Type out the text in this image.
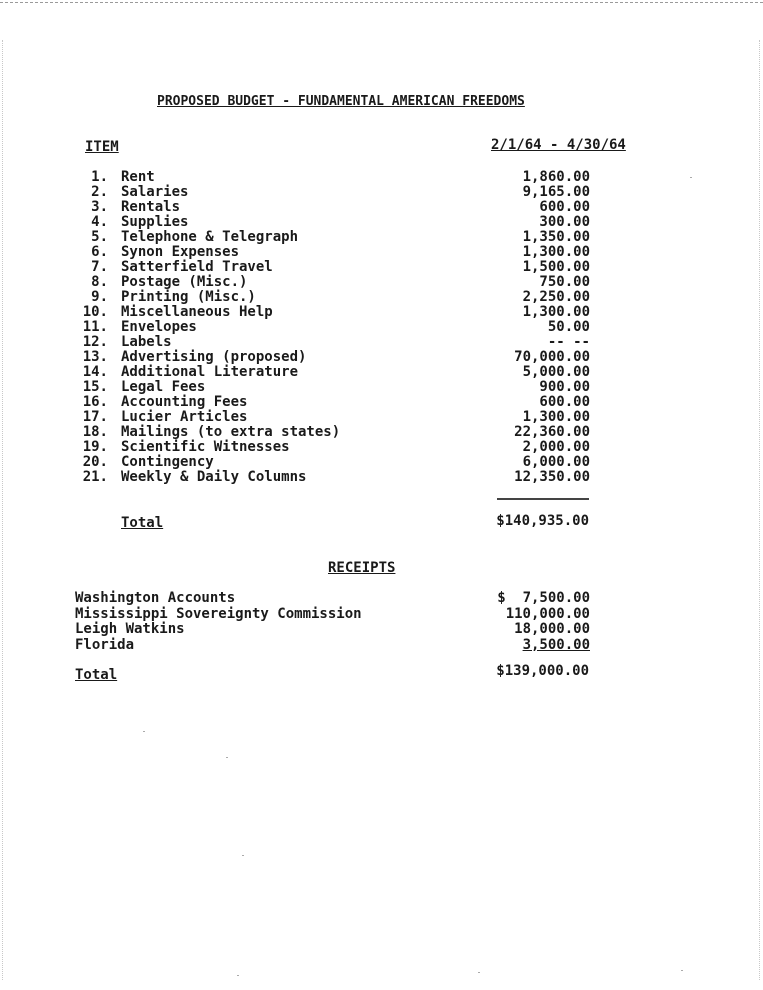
PROPOSED BUDGET - FUNDAMENTAL AMERICAN FREEDOMS
ITEM	2/1/64 - 4/30/64
1. Rent	1,860.00
2. Salaries	9,165.00
3. Rentals	600.00
4. Supplies	300.00
5. Telephone & Telegraph	1,350.00
6. Synon Expenses	1,300.00
7. Satterfield Travel	1,500.00
8. Postage (Misc.)	750.00
9. Printing (Misc.)	2,250.00
10. Miscellaneous Help	1,300.00
11. Envelopes	50.00
12. Labels	-- --
13. Advertising (proposed)	70,000.00
14. Additional Literature	5,000.00
15. Legal Fees	900.00
16. Accounting Fees	600.00
17. Lucier Articles	1,300.00
18. Mailings (to extra states)	22,360.00
19. Scientific Witnesses	2,000.00
20. Contingency	6,000.00
21. Weekly & Daily Columns	12,350.00
Total	$140,935.00
RECEIPTS
Washington Accounts	$  7,500.00
Mississippi Sovereignty Commission	110,000.00
Leigh Watkins	18,000.00
Florida	3,500.00
Total	$139,000.00
